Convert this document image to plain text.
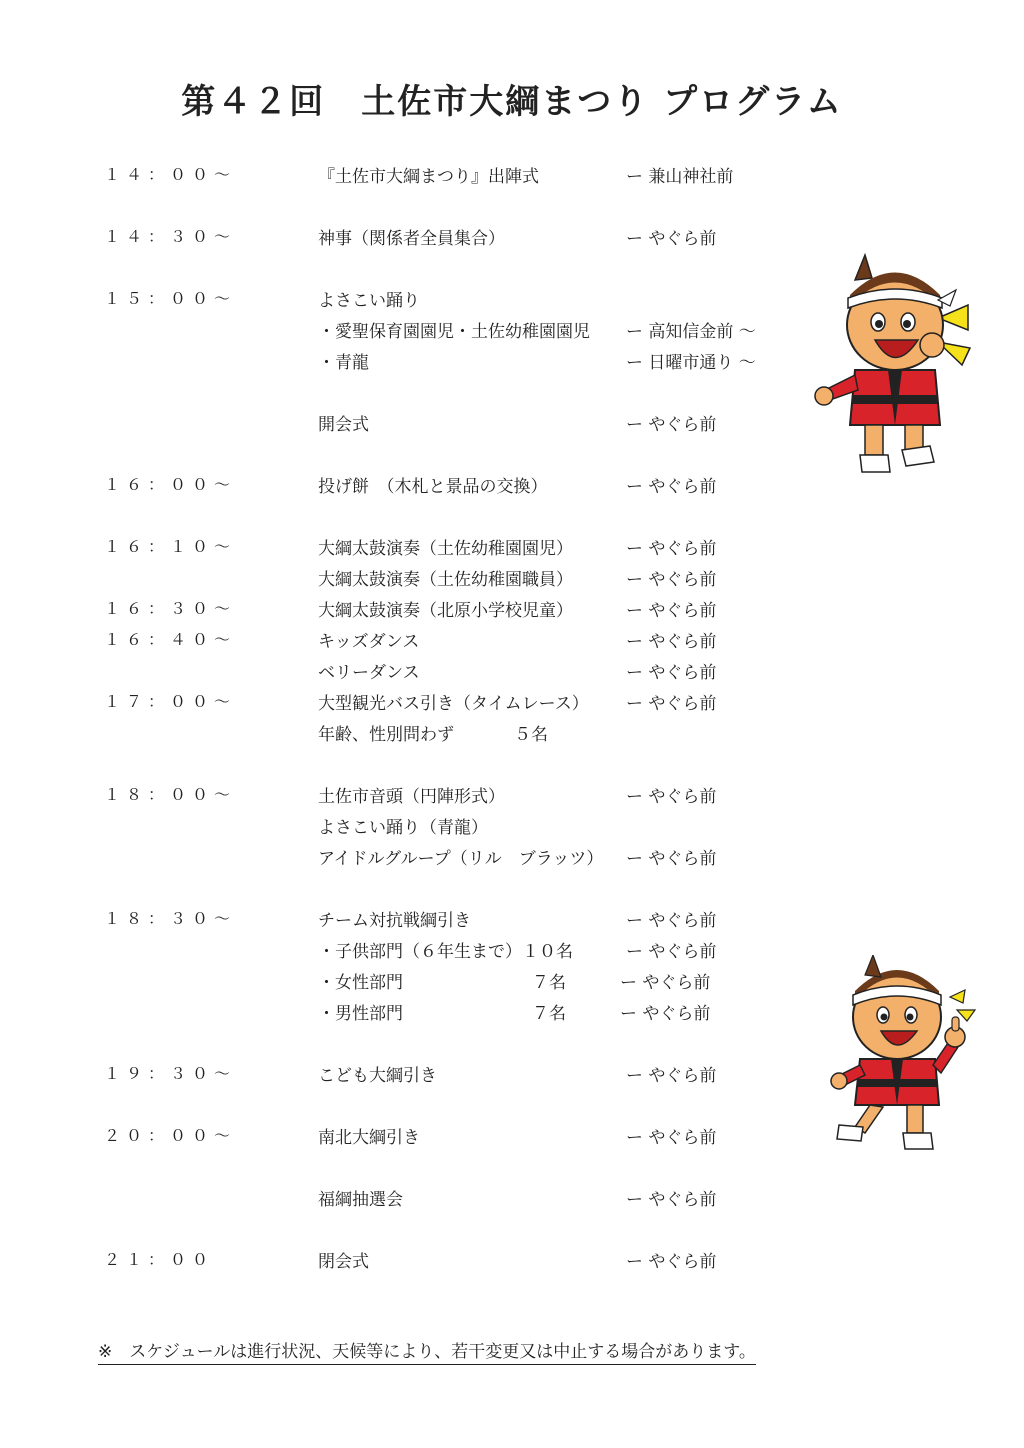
第４２回　土佐市大綱まつり プログラム
１４：００～	『土佐市大綱まつり』出陣式	ー 兼山神社前
１４：３０～	神事（関係者全員集合）	ー やぐら前
１５：００～	よさこい踊り
・愛聖保育園園児・土佐幼稚園園児 ー 高知信金前 ～
・青龍	ー 日曜市通り ～
開会式	ー やぐら前
１６：００～	投げ餅　（木札と景品の交換）	ー やぐら前
１６：１０～	大綱太鼓演奏（土佐幼稚園園児）	ー やぐら前
大綱太鼓演奏（土佐幼稚園職員）	ー やぐら前
１６：３０～	大綱太鼓演奏（北原小学校児童）	ー やぐら前
１６：４０～	キッズダンス	ー やぐら前
ベリーダンス	ー やぐら前
１７：００～	大型観光バス引き（タイムレース） ー やぐら前
年齢、性別問わず	５名
１８：００～	土佐市音頭（円陣形式）	ー やぐら前
よさこい踊り（青龍）
アイドルグループ（リル　ブラッツ） ー やぐら前
１８：３０～	チーム対抗戦綱引き	ー やぐら前
・子供部門（６年生まで）１０名	ー やぐら前
・女性部門	７名	ー やぐら前
・男性部門	７名	ー やぐら前
１９：３０～	こども大綱引き	ー やぐら前
２０：００～	南北大綱引き	ー やぐら前
福綱抽選会	ー やぐら前
２１：００	閉会式	ー やぐら前
※　スケジュールは進行状況、天候等により、若干変更又は中止する場合があります。
